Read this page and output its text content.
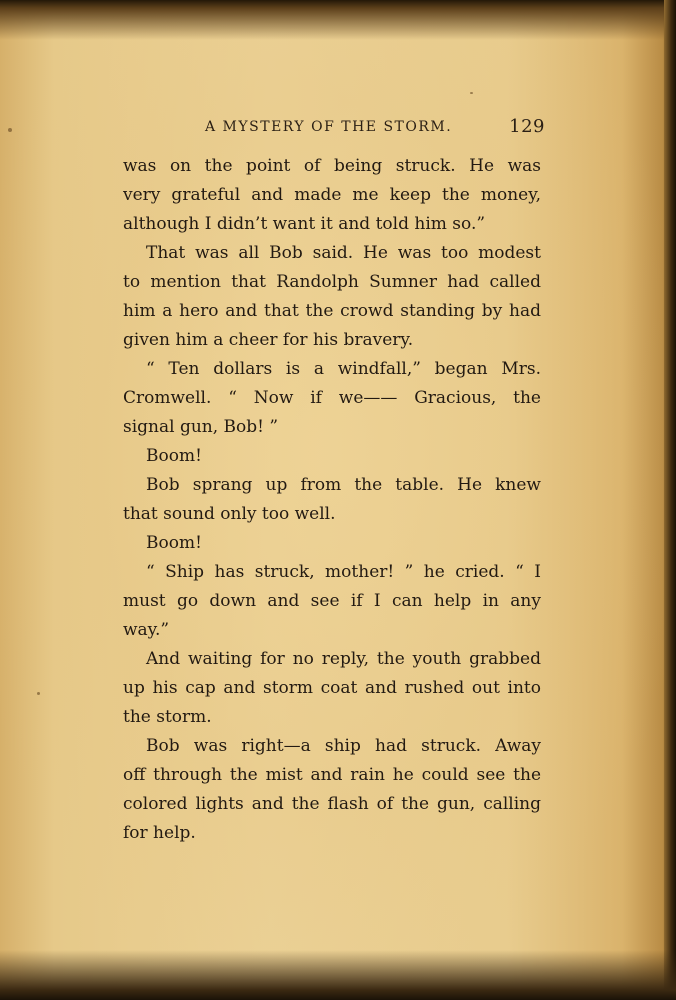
A MYSTERY OF THE STORM.	129
was on the point of being struck. He was
very grateful and made me keep the money,
although I didn’t want it and told him so.”
That was all Bob said. He was too modest
to mention that Randolph Sumner had called
him a hero and that the crowd standing by had
given him a cheer for his bravery.
“ Ten dollars is a windfall,” began Mrs.
Cromwell. “ Now if we—— Gracious, the
signal gun, Bob! ”
Boom!
Bob sprang up from the table. He knew
that sound only too well.
Boom!
“ Ship has struck, mother! ” he cried. “ I
must go down and see if I can help in any
way.”
And waiting for no reply, the youth grabbed
up his cap and storm coat and rushed out into
the storm.
Bob was right—a ship had struck. Away
off through the mist and rain he could see the
colored lights and the flash of the gun, calling
for help.
